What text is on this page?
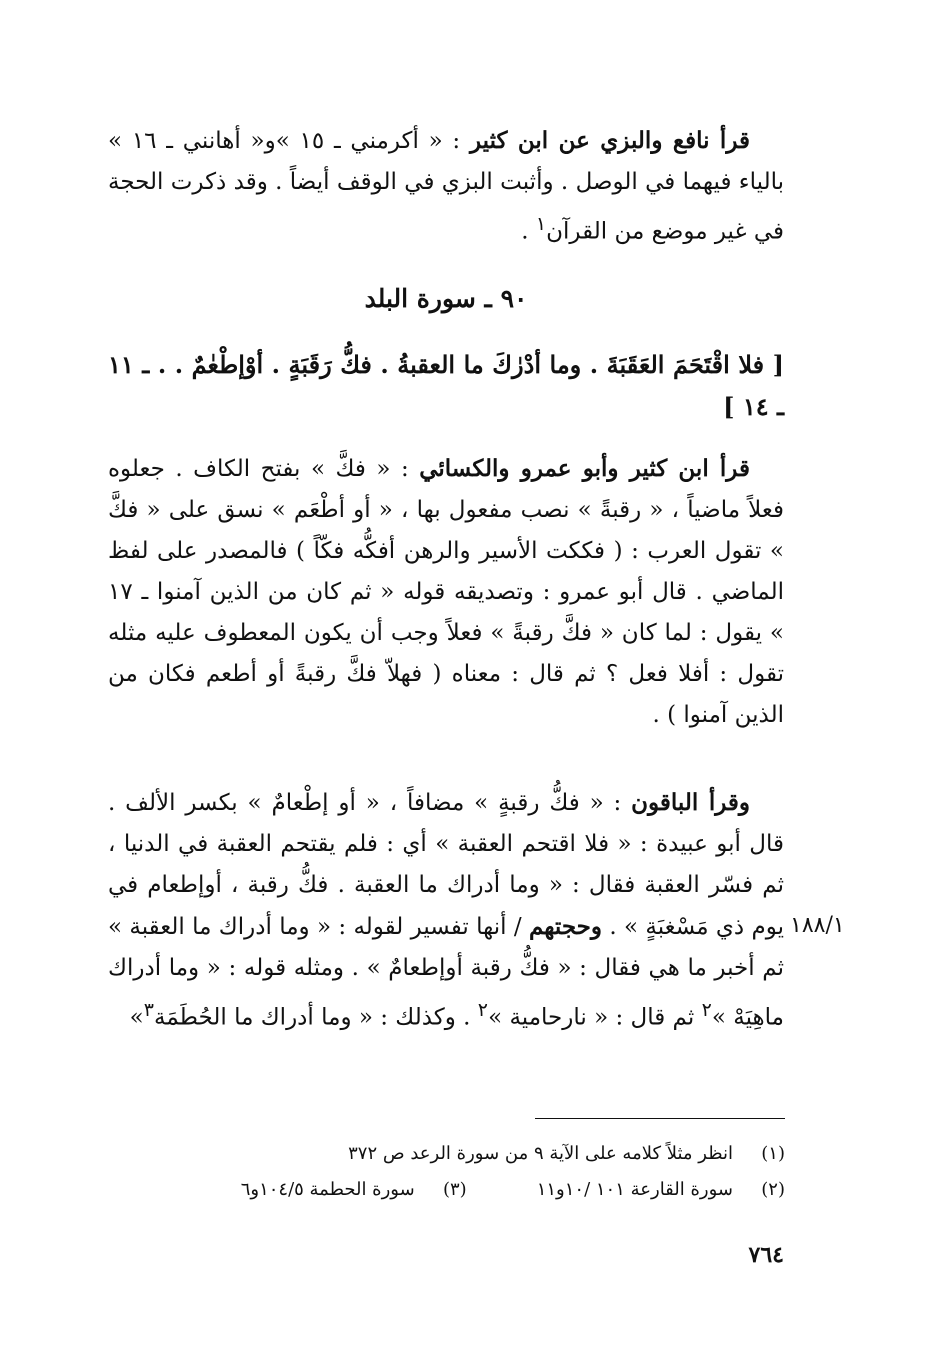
قرأ نافع والبزي عن ابن كثير : « أكرمني ـ ١٥ »و« أهانني ـ ١٦ » بالياء فيهما في الوصل . وأثبت البزي في الوقف أيضاً . وقد ذكرت الحجة في غير موضع من القرآن$^١$ .

٩٠ ـ سورة البلد
[ فلا اقْتَحَمَ العَقَبَةَ . وما أدْرٰكَ ما العقبةُ . فكُّ رَقَبَةٍ . أوْإطْعٰمٌ . . ـ ١١ ـ ١٤ ]

قرأ ابن كثير وأبو عمرو والكسائي : « فكَّ » بفتح الكاف . جعلوه فعلاً ماضياً ، « رقبةً » نصب مفعول بها ، « أو أطْعَم » نسق على « فكَّ » تقول العرب : ( فككت الأسير والرهن أفكُّه فكّاً ) فالمصدر على لفظ الماضي . قال أبو عمرو : وتصديقه قوله « ثم كان من الذين آمنوا ـ ١٧ » يقول : لما كان « فكَّ رقبةً » فعلاً وجب أن يكون المعطوف عليه مثله تقول : أفلا فعل ؟ ثم قال : معناه ( فهلاّ فكَّ رقبةً أو أطعم فكان من الذين آمنوا ) .

وقرأ الباقون : « فكُّ رقبةٍ » مضافاً ، « أو إطْعامٌ » بكسر الألف . قال أبو عبيدة : « فلا اقتحم العقبة » أي : فلم يقتحم العقبة في الدنيا ، ثم فسّر العقبة فقال : « وما أدراك ما العقبة . فكُّ رقبة ، أوإطعام في يوم ذي مَسْغبَةٍ » . وحجتهم / أنها تفسير لقوله : « وما أدراك ما العقبة » ثم أخبر ما هي فقال : « فكُّ رقبة أوإطعامٌ » . ومثله قوله : « وما أدراك ماهِيَهْ »$^٢$ ثم قال : « نارحامية »$^٢$ . وكذلك : « وما أدراك ما الحُطَمَة$^٣$»

١٨٨/١
(١)
انظر مثلاً كلامه على الآية ٩ من سورة الرعد ص ٣٧٢
(٢)
سورة القارعة ١٠١ /١٠و١١
(٣)
سورة الحطمة ١٠٤/٥و٦
٧٦٤
